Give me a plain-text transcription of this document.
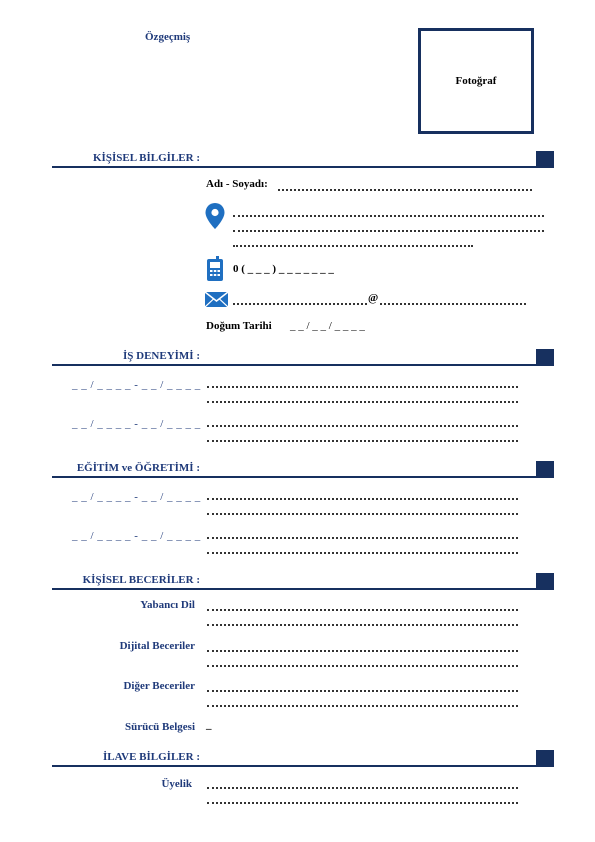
Özgeçmiş
Fotoğraf
KİŞİSEL BİLGİLER :
Adı - Soyadı:
0 ( _ _ _ ) _ _ _ _ _ _ _
@
Doğum Tarihi _ _ / _ _ / _ _ _ _
İŞ DENEYİMİ :
_ _ / _ _ _ _ - _ _ / _ _ _ _
_ _ / _ _ _ _ - _ _ / _ _ _ _
EĞİTİM ve ÖĞRETİMİ :
_ _ / _ _ _ _ - _ _ / _ _ _ _
_ _ / _ _ _ _ - _ _ / _ _ _ _
KİŞİSEL BECERİLER :
Yabancı Dil
Dijital Beceriler
Diğer Beceriler
Sürücü Belgesi _
İLAVE BİLGİLER :
Üyelik
